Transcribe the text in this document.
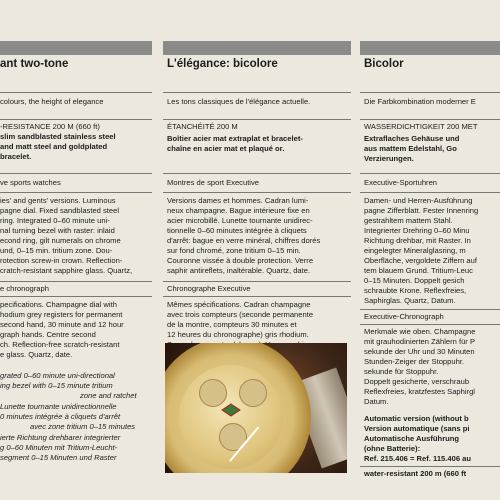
ant two-tone
colours, the height of elegance
-RESISTANCE 200 M (660 ft)
slim sandblasted stainless steel
and matt steel and goldplated
bracelet.
ve sports watches
ies' and gents' versions. Luminous
pagne dial. Fixed sandblasted steel
ring. Integrated 0–60 minute uni-
nal turning bezel with raster: inlaid
econd ring, gilt numerals on chrome
und, 0–15 min. tritium zone. Dou-
rotection screw-in crown. Reflection-
cratch-resistant sapphire glass. Quartz,
e chronograph
pecifications. Champagne dial with
hodium grey registers for permanent
second hand, 30 minute and 12 hour
graph hands. Centre second
ch. Reflection-free scratch-resistant
e glass. Quartz, date.
grated 0–60 minute uni-directional
ing bezel with 0–15 minute tritium
zone and ratchet
Lunette tournante unidirectionnelle
0 minutes intégrée à cliquets d'arrêt
avec zone tritium 0–15 minutes
ierte Richtung drehbarer integrierter
g 0–60 Minuten mit Tritium-Leucht-
segment 0–15 Minuten und Raster
L'élégance: bicolore
Les tons classiques de l'élégance actuelle.
ÉTANCHÉITÉ 200 M
Boîtier acier mat extraplat et bracelet-
chaîne en acier mat et plaqué or.
Montres de sport Executive
Versions dames et hommes. Cadran lumi-
neux champagne. Bague intérieure fixe en
acier microbillé. Lunette tournante unidirec-
tionnelle 0–60 minutes intégrée à cliquets
d'arrêt: bague en verre minéral, chiffres dorés
sur fond chromé, zone tritium 0–15 min.
Couronne vissée à double protection. Verre
saphir antireflets, inaltérable. Quartz, date.
Chronographe Executive
Mêmes spécifications. Cadran champagne
avec trois compteurs (seconde permanente
de la montre, compteurs 30 minutes et
12 heures du chronographe) gris rhodium.
Bicolor
Die Farbkombination moderner E
WASSERDICHTIGKEIT 200 MET
Extraflaches Gehäuse und
aus mattem Edelstahl, Go
Verzierungen.
Executive-Sportuhren
Damen- und Herren-Ausführung
pagne Zifferblatt. Fester Innenring
gestrahltem mattem Stahl.
Integrierter Drehring 0–60 Minu
Richtung drehbar, mit Raster. In
eingelegter Mineralglasring, m
Oberfläche, vergoldete Ziffern auf
tem blauem Grund. Tritium-Leuc
0–15 Minuten. Doppelt gesich
schraubte Krone. Reflexfreies,
Saphirglas. Quartz, Datum.
Executive-Chronograph
Merkmale wie oben. Champagne
mit grauhodinierten Zählern für P
sekunde der Uhr und 30 Minuten
Stunden-Zeiger der Stoppuhr.
sekunde für Stoppuhr.
Doppelt gesicherte, verschraub
Reflexfreies, kratzfestes Saphirgl
Datum.
Automatic version (without b
Version automatique (sans pi
Automatische Ausführung
(ohne Batterie):
Ref. 215.406 = Ref. 115.406 au
water-resistant 200 m (660 ft
